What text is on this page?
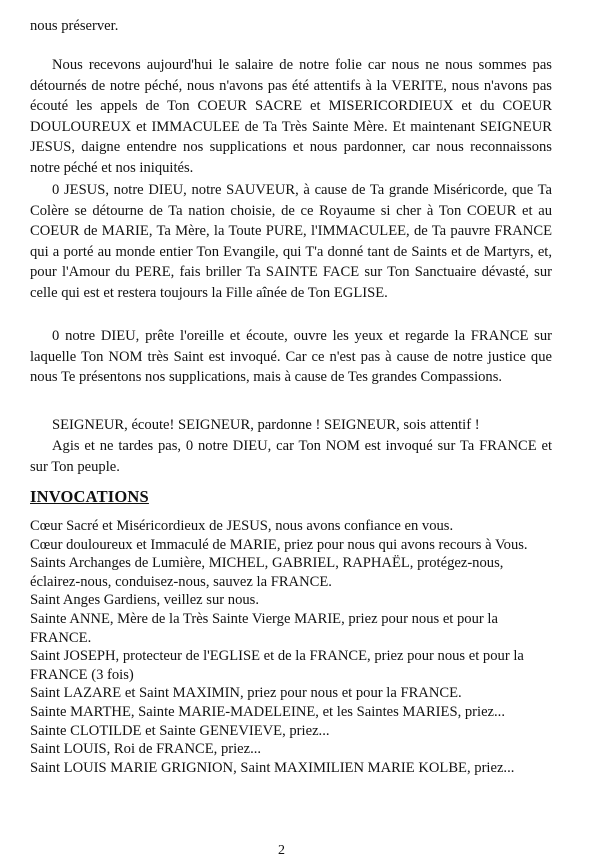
nous préserver.

Nous recevons aujourd'hui le salaire de notre folie car nous ne nous sommes pas détournés de notre péché, nous n'avons pas été attentifs à la VERITE, nous n'avons pas écouté les appels de Ton COEUR SACRE et MISERICORDIEUX et du COEUR DOULOUREUX et IMMACULEE de Ta Très Sainte Mère. Et maintenant SEIGNEUR JESUS, daigne entendre nos supplications et nous pardonner, car nous reconnaissons notre péché et nos iniquités.

0 JESUS, notre DIEU, notre SAUVEUR, à cause de Ta grande Miséricorde, que Ta Colère se détourne de Ta nation choisie, de ce Royaume si cher à Ton COEUR et au COEUR de MARIE, Ta Mère, la Toute PURE, l'IMMACULEE, de Ta pauvre FRANCE qui a porté au monde entier Ton Evangile, qui T'a donné tant de Saints et de Martyrs, et, pour l'Amour du PERE, fais briller Ta SAINTE FACE sur Ton Sanctuaire dévasté, sur celle qui est et restera toujours la Fille aînée de Ton EGLISE.

0 notre DIEU, prête l'oreille et écoute, ouvre les yeux et regarde la FRANCE sur laquelle Ton NOM très Saint est invoqué. Car ce n'est pas à cause de notre justice que nous Te présentons nos supplications, mais à cause de Tes grandes Compassions.

SEIGNEUR, écoute! SEIGNEUR, pardonne ! SEIGNEUR, sois attentif !

Agis et ne tardes pas, 0 notre DIEU, car Ton NOM est invoqué sur Ta FRANCE et sur Ton peuple.

INVOCATIONS
Cœur Sacré et Miséricordieux de JESUS, nous avons confiance en vous.
Cœur douloureux et Immaculé de MARIE, priez pour nous qui avons recours à Vous.
Saints Archanges de Lumière, MICHEL, GABRIEL, RAPHAËL, protégez-nous, éclairez-nous, conduisez-nous, sauvez la FRANCE.
Saint Anges Gardiens, veillez sur nous.
Sainte ANNE, Mère de la Très Sainte Vierge MARIE, priez pour nous et pour la FRANCE.
Saint JOSEPH, protecteur de l'EGLISE et de la FRANCE, priez pour nous et pour la FRANCE (3 fois)
Saint LAZARE et Saint MAXIMIN, priez pour nous et pour la FRANCE.
Sainte MARTHE, Sainte MARIE-MADELEINE, et les Saintes MARIES, priez...
Sainte CLOTILDE et Sainte GENEVIEVE, priez...
Saint LOUIS, Roi de FRANCE, priez...
Saint LOUIS MARIE GRIGNION, Saint MAXIMILIEN MARIE KOLBE, priez...

2
